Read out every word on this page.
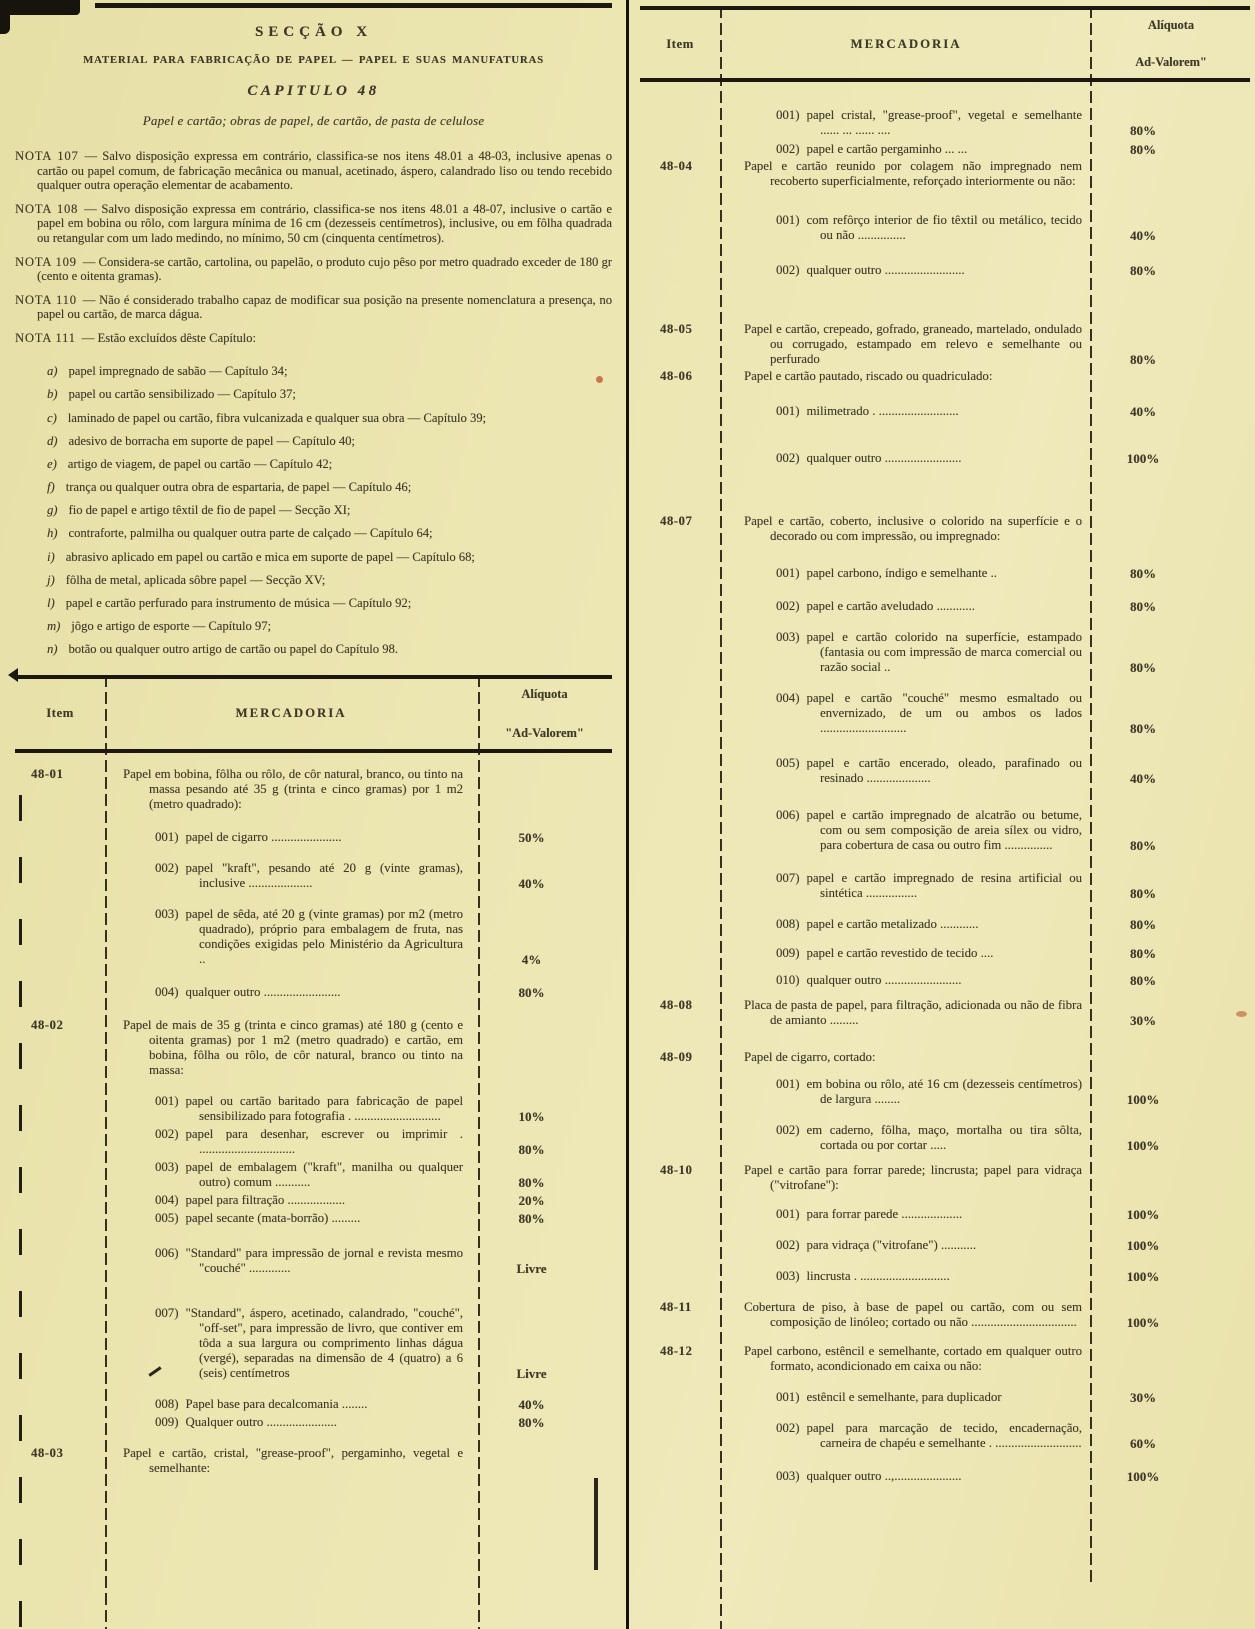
SECÇÃO X
MATERIAL PARA FABRICAÇÃO DE PAPEL — PAPEL E SUAS MANUFATURAS
CAPITULO 48
Papel e cartão; obras de papel, de cartão, de pasta de celulose
NOTA 107 — Salvo disposição expressa em contrário, classifica-se nos itens 48.01 a 48-03, inclusive apenas o cartão ou papel comum, de fabricação mecânica ou manual, acetinado, áspero, calandrado liso ou tendo recebido qualquer outra operação elementar de acabamento.
NOTA 108 — Salvo disposição expressa em contrário, classifica-se nos itens 48.01 a 48-07, inclusive o cartão e papel em bobina ou rôlo, com largura mínima de 16 cm (dezesseis centímetros), inclusive, ou em fôlha quadrada ou retangular com um lado medindo, no mínimo, 50 cm (cinquenta centímetros).
NOTA 109 — Considera-se cartão, cartolina, ou papelão, o produto cujo pêso por metro quadrado exceder de 180 gr (cento e oitenta gramas).
NOTA 110 — Não é considerado trabalho capaz de modificar sua posição na presente nomenclatura a presença, no papel ou cartão, de marca dágua.
NOTA 111 — Estão excluídos dêste Capítulo:
a) papel impregnado de sabão — Capítulo 34;
b) papel ou cartão sensibilizado — Capítulo 37;
c) laminado de papel ou cartão, fibra vulcanizada e qualquer sua obra — Capítulo 39;
d) adesivo de borracha em suporte de papel — Capítulo 40;
e) artigo de viagem, de papel ou cartão — Capítulo 42;
f) trança ou qualquer outra obra de espartaria, de papel — Capítulo 46;
g) fio de papel e artigo têxtil de fio de papel — Secção XI;
h) contraforte, palmilha ou qualquer outra parte de calçado — Capítulo 64;
i) abrasivo aplicado em papel ou cartão e mica em suporte de papel — Capítulo 68;
j) fôlha de metal, aplicada sôbre papel — Secção XV;
l) papel e cartão perfurado para instrumento de música — Capítulo 92;
m) jôgo e artigo de esporte — Capítulo 97;
n) botão ou qualquer outro artigo de cartão ou papel do Capítulo 98.
Item	MERCADORIA
Alíquota
"Ad-Valorem"
48-01	Papel em bobina, fôlha ou rôlo, de côr natural, branco, ou tinto na massa pesando até 35 g (trinta e cinco gramas) por 1 m2 (metro quadrado):
001) papel de cigarro ......................	50%
002) papel "kraft", pesando até 20 g (vinte gramas), inclusive ....................	40%
003) papel de sêda, até 20 g (vinte gramas) por m2 (metro quadrado), próprio para embalagem de fruta, nas condições exigidas pelo Ministério da Agricultura ..	4%
004) qualquer outro ........................	80%
48-02	Papel de mais de 35 g (trinta e cinco gramas) até 180 g (cento e oitenta gramas) por 1 m2 (metro quadrado) e cartão, em bobina, fôlha ou rôlo, de côr natural, branco ou tinto na massa:
001) papel ou cartão baritado para fabricação de papel sensibilizado para fotografia . ...........................	10%
002) papel para desenhar, escrever ou imprimir . ..............................	80%
003) papel de embalagem ("kraft", manilha ou qualquer outro) comum ...........	80%
004) papel para filtração ..................	20%
005) papel secante (mata-borrão) .........	80%
006) "Standard" para impressão de jornal e revista mesmo "couché" .............	Livre
007) "Standard", áspero, acetinado, calandrado, "couché", "off-set", para impressão de livro, que contiver em tôda a sua largura ou comprimento linhas dágua (vergé), separadas na dimensão de 4 (quatro) a 6 (seis) centímetros	Livre
008) Papel base para decalcomania ........	40%
009) Qualquer outro ......................	80%
48-03	Papel e cartão, cristal, "grease-proof", pergaminho, vegetal e semelhante:
Item	MERCADORIA
Alíquota
Ad-Valorem"
001) papel cristal, "grease-proof", vegetal e semelhante ...... ... ...... ....	80%
002) papel e cartão pergaminho ... ...	80%
48-04	Papel e cartão reunido por colagem não impregnado nem recoberto superficialmente, reforçado interiormente ou não:
001) com refôrço interior de fio têxtil ou metálico, tecido ou não ...............	40%
002) qualquer outro .........................	80%
48-05	Papel e cartão, crepeado, gofrado, graneado, martelado, ondulado ou corrugado, estampado em relevo e semelhante ou perfurado	80%
48-06	Papel e cartão pautado, riscado ou quadriculado:
001) milimetrado . .........................	40%
002) qualquer outro ........................	100%
48-07	Papel e cartão, coberto, inclusive o colorido na superfície e o decorado ou com impressão, ou impregnado:
001) papel carbono, índigo e semelhante ..	80%
002) papel e cartão aveludado ............	80%
003) papel e cartão colorido na superfície, estampado (fantasia ou com impressão de marca comercial ou razão social ..	80%
004) papel e cartão "couché" mesmo esmaltado ou envernizado, de um ou ambos os lados ...........................	80%
005) papel e cartão encerado, oleado, parafinado ou resinado ....................	40%
006) papel e cartão impregnado de alcatrão ou betume, com ou sem composição de areia sílex ou vidro, para cobertura de casa ou outro fim ...............	80%
007) papel e cartão impregnado de resina artificial ou sintética ................	80%
008) papel e cartão metalizado ............	80%
009) papel e cartão revestido de tecido ....	80%
010) qualquer outro ........................	80%
48-08	Placa de pasta de papel, para filtração, adicionada ou não de fibra de amianto .........	30%
48-09	Papel de cigarro, cortado:
001) em bobina ou rôlo, até 16 cm (dezesseis centímetros) de largura ........	100%
002) em caderno, fôlha, maço, mortalha ou tira sôlta, cortada ou por cortar .....	100%
48-10	Papel e cartão para forrar parede; lincrusta; papel para vidraça ("vitrofane"):
001) para forrar parede ...................	100%
002) para vidraça ("vitrofane") ...........	100%
003) lincrusta . ............................	100%
48-11	Cobertura de piso, à base de papel ou cartão, com ou sem composição de linóleo; cortado ou não .................................	100%
48-12	Papel carbono, estêncil e semelhante, cortado em qualquer outro formato, acondicionado em caixa ou não:
001) estêncil e semelhante, para duplicador	30%
002) papel para marcação de tecido, encadernação, carneira de chapéu e semelhante . ...........................	60%
003) qualquer outro ..,.....................	100%
